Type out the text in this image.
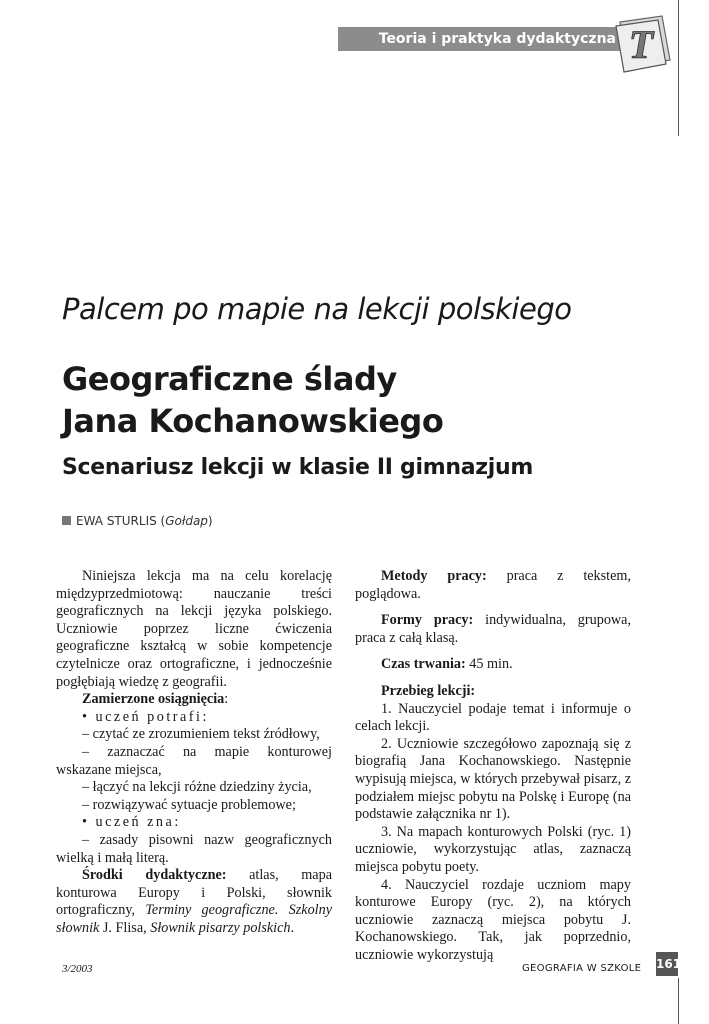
Teoria i praktyka dydaktyczna T
Palcem po mapie na lekcji polskiego
Geograficzne ślady
Jana Kochanowskiego
Scenariusz lekcji w klasie II gimnazjum
EWA STURLIS (Gołdap)

Niniejsza lekcja ma na celu korelację międzyprzedmiotową: nauczanie treści geograficznych na lekcji języka polskiego. Uczniowie poprzez liczne ćwiczenia geograficzne kształcą w sobie kompetencje czytelnicze oraz ortograficzne, i jednocześnie pogłębiają wiedzę z geografii.

Zamierzone osiągnięcia:

• uczeń potrafi:

– czytać ze zrozumieniem tekst źródłowy,

– zaznaczać na mapie konturowej wskazane miejsca,

– łączyć na lekcji różne dziedziny życia,

– rozwiązywać sytuacje problemowe;

• uczeń zna:

– zasady pisowni nazw geograficznych wielką i małą literą.

Środki dydaktyczne: atlas, mapa konturowa Europy i Polski, słownik ortograficzny, Terminy geograficzne. Szkolny słownik J. Flisa, Słownik pisarzy polskich.

Metody pracy: praca z tekstem, poglądowa.

Formy pracy: indywidualna, grupowa, praca z całą klasą.

Czas trwania: 45 min.

Przebieg lekcji:

1. Nauczyciel podaje temat i informuje o celach lekcji.

2. Uczniowie szczegółowo zapoznają się z biografią Jana Kochanowskiego. Następnie wypisują miejsca, w których przebywał pisarz, z podziałem miejsc pobytu na Polskę i Europę (na podstawie załącznika nr 1).

3. Na mapach konturowych Polski (ryc. 1) uczniowie, wykorzystując atlas, zaznaczą miejsca pobytu poety.

4. Nauczyciel rozdaje uczniom mapy konturowe Europy (ryc. 2), na których uczniowie zaznaczą miejsca pobytu J. Kochanowskiego. Tak, jak poprzednio, uczniowie wykorzystują

3/2003	GEOGRAFIA W SZKOLE 161
